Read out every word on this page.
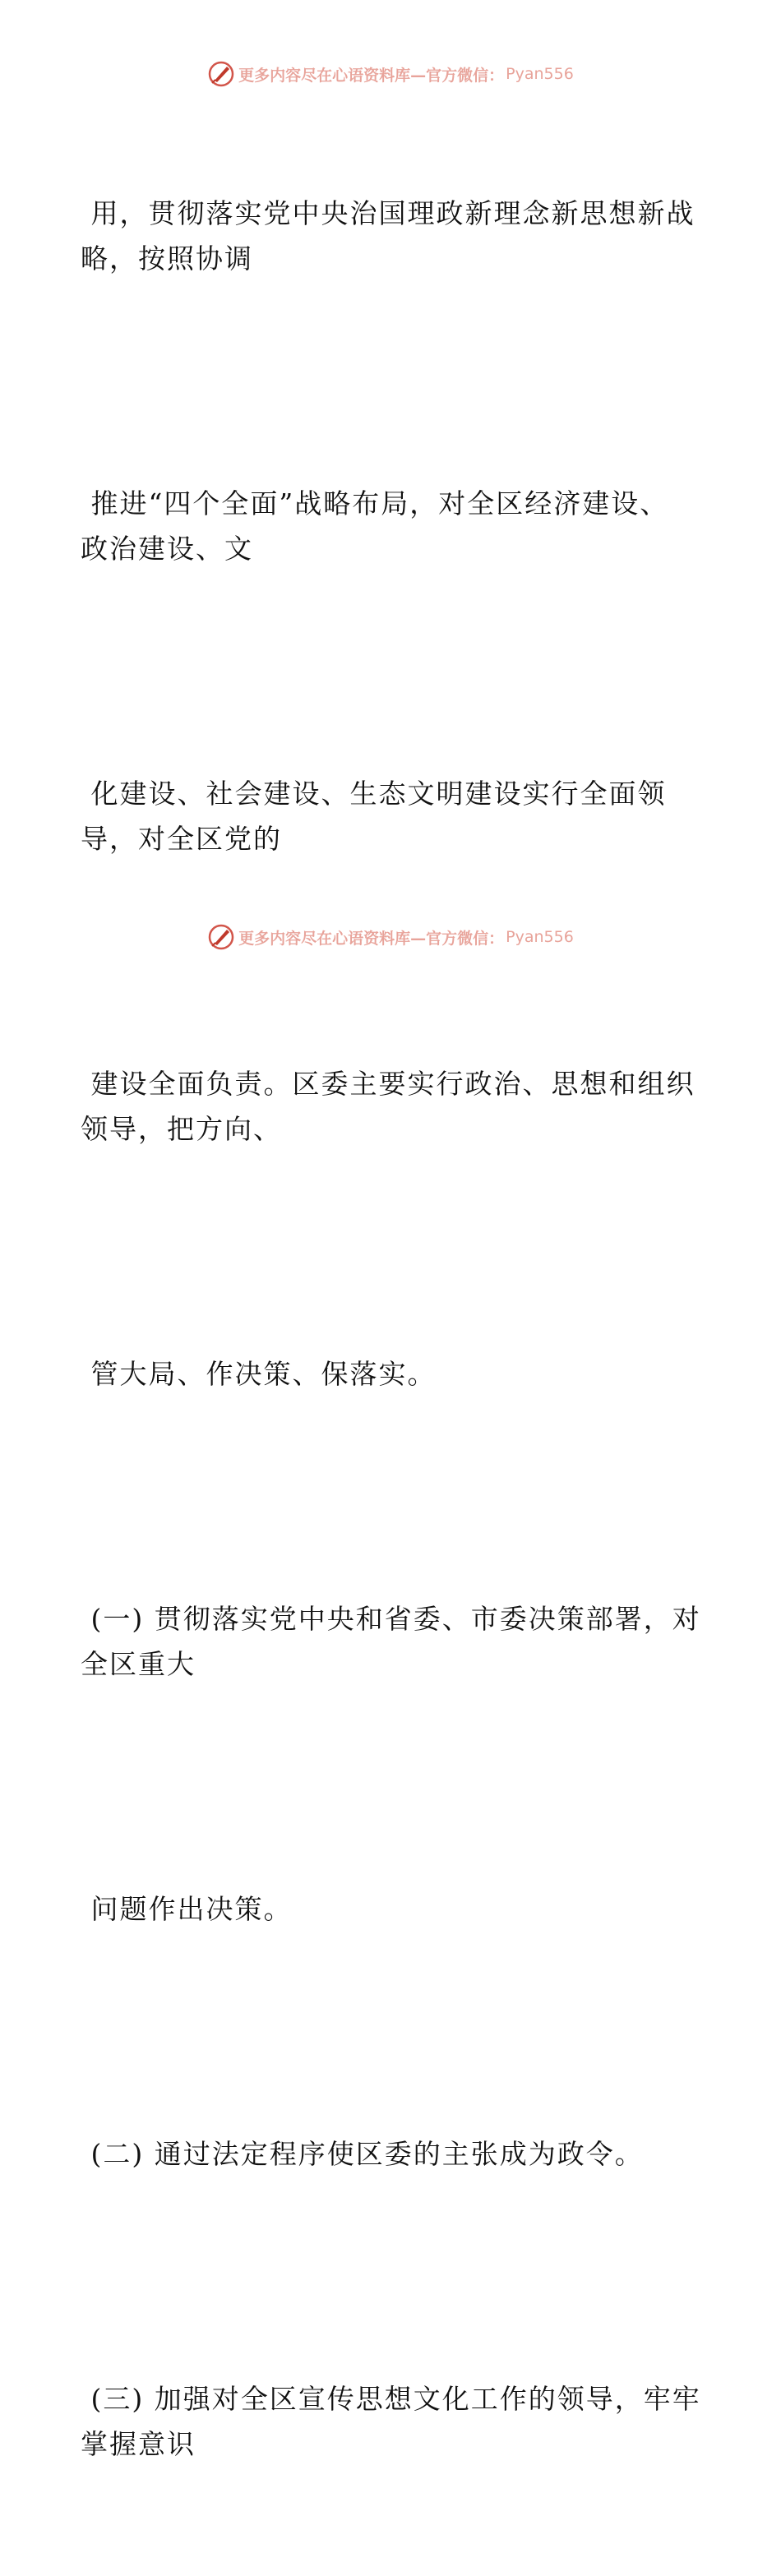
更多内容尽在心语资料库—官方微信： Pyan556

用，贯彻落实党中央治国理政新理念新思想新战
略，按照协调

推进“四个全面”战略布局，对全区经济建设、
政治建设、文

化建设、社会建设、生态文明建设实行全面领
导，对全区党的

建设全面负责。区委主要实行政治、思想和组织
领导，把方向、

管大局、作决策、保落实。

(一) 贯彻落实党中央和省委、市委决策部署，对
全区重大

问题作出决策。

(二) 通过法定程序使区委的主张成为政令。

(三) 加强对全区宣传思想文化工作的领导，牢牢
掌握意识

更多内容尽在心语资料库—官方微信： Pyan556
